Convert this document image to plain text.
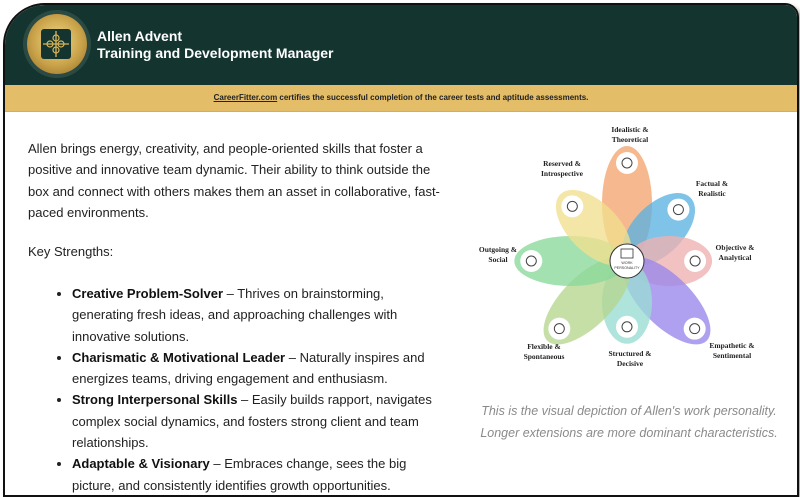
Allen Advent
Training and Development Manager
CareerFitter.com certifies the successful completion of the career tests and aptitude assessments.

Allen brings energy, creativity, and people-oriented skills that foster a positive and innovative team dynamic. Their ability to think outside the box and connect with others makes them an asset in collaborative, fast-paced environments.

Key Strengths:

• Creative Problem-Solver – Thrives on brainstorming, generating fresh ideas, and approaching challenges with innovative solutions.
• Charismatic & Motivational Leader – Naturally inspires and energizes teams, driving engagement and enthusiasm.
• Strong Interpersonal Skills – Easily builds rapport, navigates complex social dynamics, and fosters strong client and team relationships.
• Adaptable & Visionary – Embraces change, sees the big picture, and consistently identifies growth opportunities.
Idealistic & Theoretical
Factual & Realistic
Objective & Analytical
Empathetic & Sentimental
Structured & Decisive
Flexible & Spontaneous
Outgoing & Social
Reserved & Introspective
WORK
PERSONALITY

This is the visual depiction of Allen's work personality.
Longer extensions are more dominant characteristics.
